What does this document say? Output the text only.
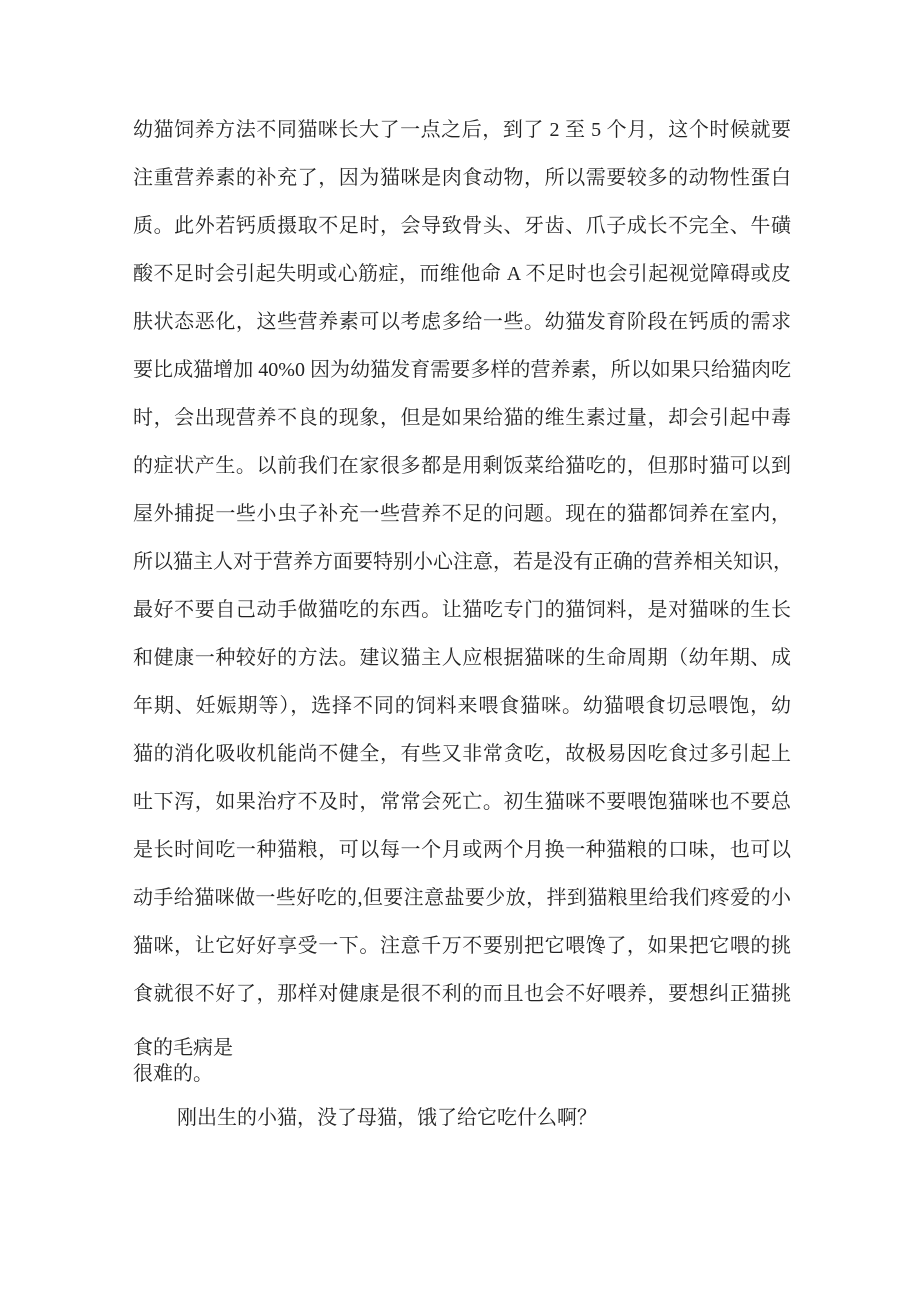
幼猫饲养方法不同猫咪长大了一点之后，到了 2 至 5 个月，这个时候就要
注重营养素的补充了，因为猫咪是肉食动物，所以需要较多的动物性蛋白
质。此外若钙质摄取不足时，会导致骨头、牙齿、爪子成长不完全、牛磺
酸不足时会引起失明或心筋症，而维他命 A 不足时也会引起视觉障碍或皮
肤状态恶化，这些营养素可以考虑多给一些。幼猫发育阶段在钙质的需求
要比成猫增加 40%0 因为幼猫发育需要多样的营养素，所以如果只给猫肉吃
时，会出现营养不良的现象，但是如果给猫的维生素过量，却会引起中毒
的症状产生。以前我们在家很多都是用剩饭菜给猫吃的，但那时猫可以到
屋外捕捉一些小虫子补充一些营养不足的问题。现在的猫都饲养在室内，
所以猫主人对于营养方面要特别小心注意，若是没有正确的营养相关知识，
最好不要自己动手做猫吃的东西。让猫吃专门的猫饲料，是对猫咪的生长
和健康一种较好的方法。建议猫主人应根据猫咪的生命周期（幼年期、成
年期、妊娠期等），选择不同的饲料来喂食猫咪。幼猫喂食切忌喂饱，幼
猫的消化吸收机能尚不健全，有些又非常贪吃，故极易因吃食过多引起上
吐下泻，如果治疗不及时，常常会死亡。初生猫咪不要喂饱猫咪也不要总
是长时间吃一种猫粮，可以每一个月或两个月换一种猫粮的口味，也可以
动手给猫咪做一些好吃的,但要注意盐要少放，拌到猫粮里给我们疼爱的小
猫咪，让它好好享受一下。注意千万不要别把它喂馋了，如果把它喂的挑
食就很不好了，那样对健康是很不利的而且也会不好喂养，要想纠正猫挑
食的毛病是
很难的。
刚出生的小猫，没了母猫，饿了给它吃什么啊？
